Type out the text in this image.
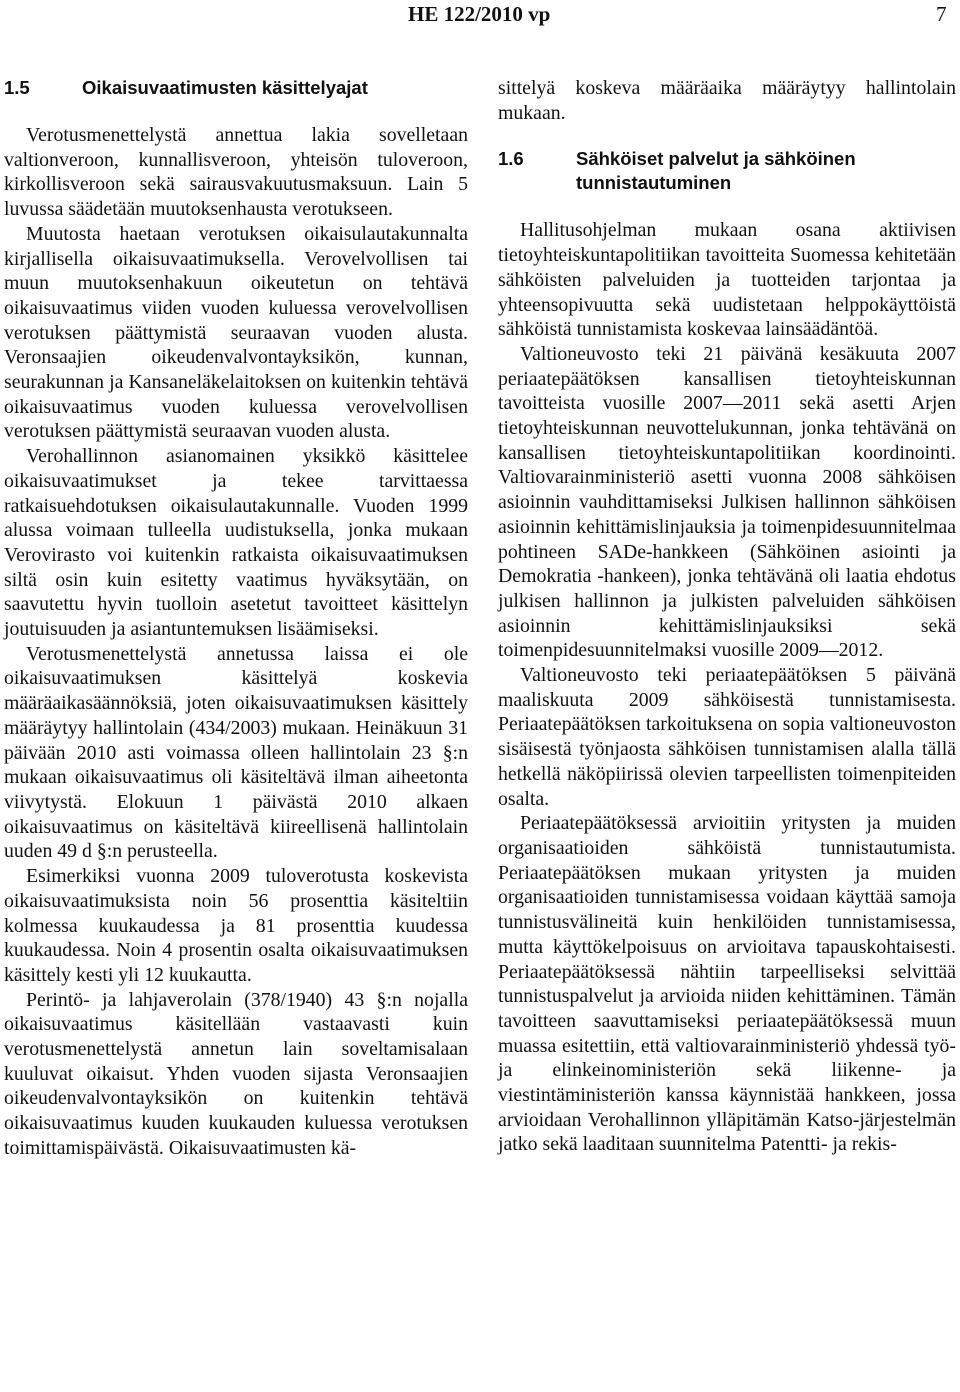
HE 122/2010 vp	7
1.5	Oikaisuvaatimusten käsittelyajat

Verotusmenettelystä annettua lakia sovelletaan valtionveroon, kunnallisveroon, yhteisön tuloveroon, kirkollisveroon sekä sairausvakuutusmaksuun. Lain 5 luvussa säädetään muutoksenhausta verotukseen.

Muutosta haetaan verotuksen oikaisulautakunnalta kirjallisella oikaisuvaatimuksella. Verovelvollisen tai muun muutoksenhakuun oikeutetun on tehtävä oikaisuvaatimus viiden vuoden kuluessa verovelvollisen verotuksen päättymistä seuraavan vuoden alusta. Veronsaajien oikeudenvalvontayksikön, kunnan, seurakunnan ja Kansaneläkelaitoksen on kuitenkin tehtävä oikaisuvaatimus vuoden kuluessa verovelvollisen verotuksen päättymistä seuraavan vuoden alusta.

Verohallinnon asianomainen yksikkö käsittelee oikaisuvaatimukset ja tekee tarvittaessa ratkaisuehdotuksen oikaisulautakunnalle. Vuoden 1999 alussa voimaan tulleella uudistuksella, jonka mukaan Verovirasto voi kuitenkin ratkaista oikaisuvaatimuksen siltä osin kuin esitetty vaatimus hyväksytään, on saavutettu hyvin tuolloin asetetut tavoitteet käsittelyn joutuisuuden ja asiantuntemuksen lisäämiseksi.

Verotusmenettelystä annetussa laissa ei ole oikaisuvaatimuksen käsittelyä koskevia määräaikasäännöksiä, joten oikaisuvaatimuksen käsittely määräytyy hallintolain (434/2003) mukaan. Heinäkuun 31 päivään 2010 asti voimassa olleen hallintolain 23 §:n mukaan oikaisuvaatimus oli käsiteltävä ilman aiheetonta viivytystä. Elokuun 1 päivästä 2010 alkaen oikaisuvaatimus on käsiteltävä kiireellisenä hallintolain uuden 49 d §:n perusteella.

Esimerkiksi vuonna 2009 tuloverotusta koskevista oikaisuvaatimuksista noin 56 prosenttia käsiteltiin kolmessa kuukaudessa ja 81 prosenttia kuudessa kuukaudessa. Noin 4 prosentin osalta oikaisuvaatimuksen käsittely kesti yli 12 kuukautta.

Perintö- ja lahjaverolain (378/1940) 43 §:n nojalla oikaisuvaatimus käsitellään vastaavasti kuin verotusmenettelystä annetun lain soveltamisalaan kuuluvat oikaisut. Yhden vuoden sijasta Veronsaajien oikeudenvalvontayksikön on kuitenkin tehtävä oikaisuvaatimus kuuden kuukauden kuluessa verotuksen toimittamispäivästä. Oikaisuvaatimusten kä-

sittelyä koskeva määräaika määräytyy hallintolain mukaan.

1.6	Sähköiset palvelut ja sähköinen tunnistautuminen

Hallitusohjelman mukaan osana aktiivisen tietoyhteiskuntapolitiikan tavoitteita Suomessa kehitetään sähköisten palveluiden ja tuotteiden tarjontaa ja yhteensopivuutta sekä uudistetaan helppokäyttöistä sähköistä tunnistamista koskevaa lainsäädäntöä.

Valtioneuvosto teki 21 päivänä kesäkuuta 2007 periaatepäätöksen kansallisen tietoyhteiskunnan tavoitteista vuosille 2007—2011 sekä asetti Arjen tietoyhteiskunnan neuvottelukunnan, jonka tehtävänä on kansallisen tietoyhteiskuntapolitiikan koordinointi. Valtiovarainministeriö asetti vuonna 2008 sähköisen asioinnin vauhdittamiseksi Julkisen hallinnon sähköisen asioinnin kehittämislinjauksia ja toimenpidesuunnitelmaa pohtineen SADe-hankkeen (Sähköinen asiointi ja Demokratia -hankeen), jonka tehtävänä oli laatia ehdotus julkisen hallinnon ja julkisten palveluiden sähköisen asioinnin kehittämislinjauksiksi sekä toimenpidesuunnitelmaksi vuosille 2009—2012.

Valtioneuvosto teki periaatepäätöksen 5 päivänä maaliskuuta 2009 sähköisestä tunnistamisesta. Periaatepäätöksen tarkoituksena on sopia valtioneuvoston sisäisestä työnjaosta sähköisen tunnistamisen alalla tällä hetkellä näköpiirissä olevien tarpeellisten toimenpiteiden osalta.

Periaatepäätöksessä arvioitiin yritysten ja muiden organisaatioiden sähköistä tunnistautumista. Periaatepäätöksen mukaan yritysten ja muiden organisaatioiden tunnistamisessa voidaan käyttää samoja tunnistusvälineitä kuin henkilöiden tunnistamisessa, mutta käyttökelpoisuus on arvioitava tapauskohtaisesti. Periaatepäätöksessä nähtiin tarpeelliseksi selvittää tunnistuspalvelut ja arvioida niiden kehittäminen. Tämän tavoitteen saavuttamiseksi periaatepäätöksessä muun muassa esitettiin, että valtiovarainministeriö yhdessä työ- ja elinkeinoministeriön sekä liikenne- ja viestintäministeriön kanssa käynnistää hankkeen, jossa arvioidaan Verohallinnon ylläpitämän Katso-järjestelmän jatko sekä laaditaan suunnitelma Patentti- ja rekis-
